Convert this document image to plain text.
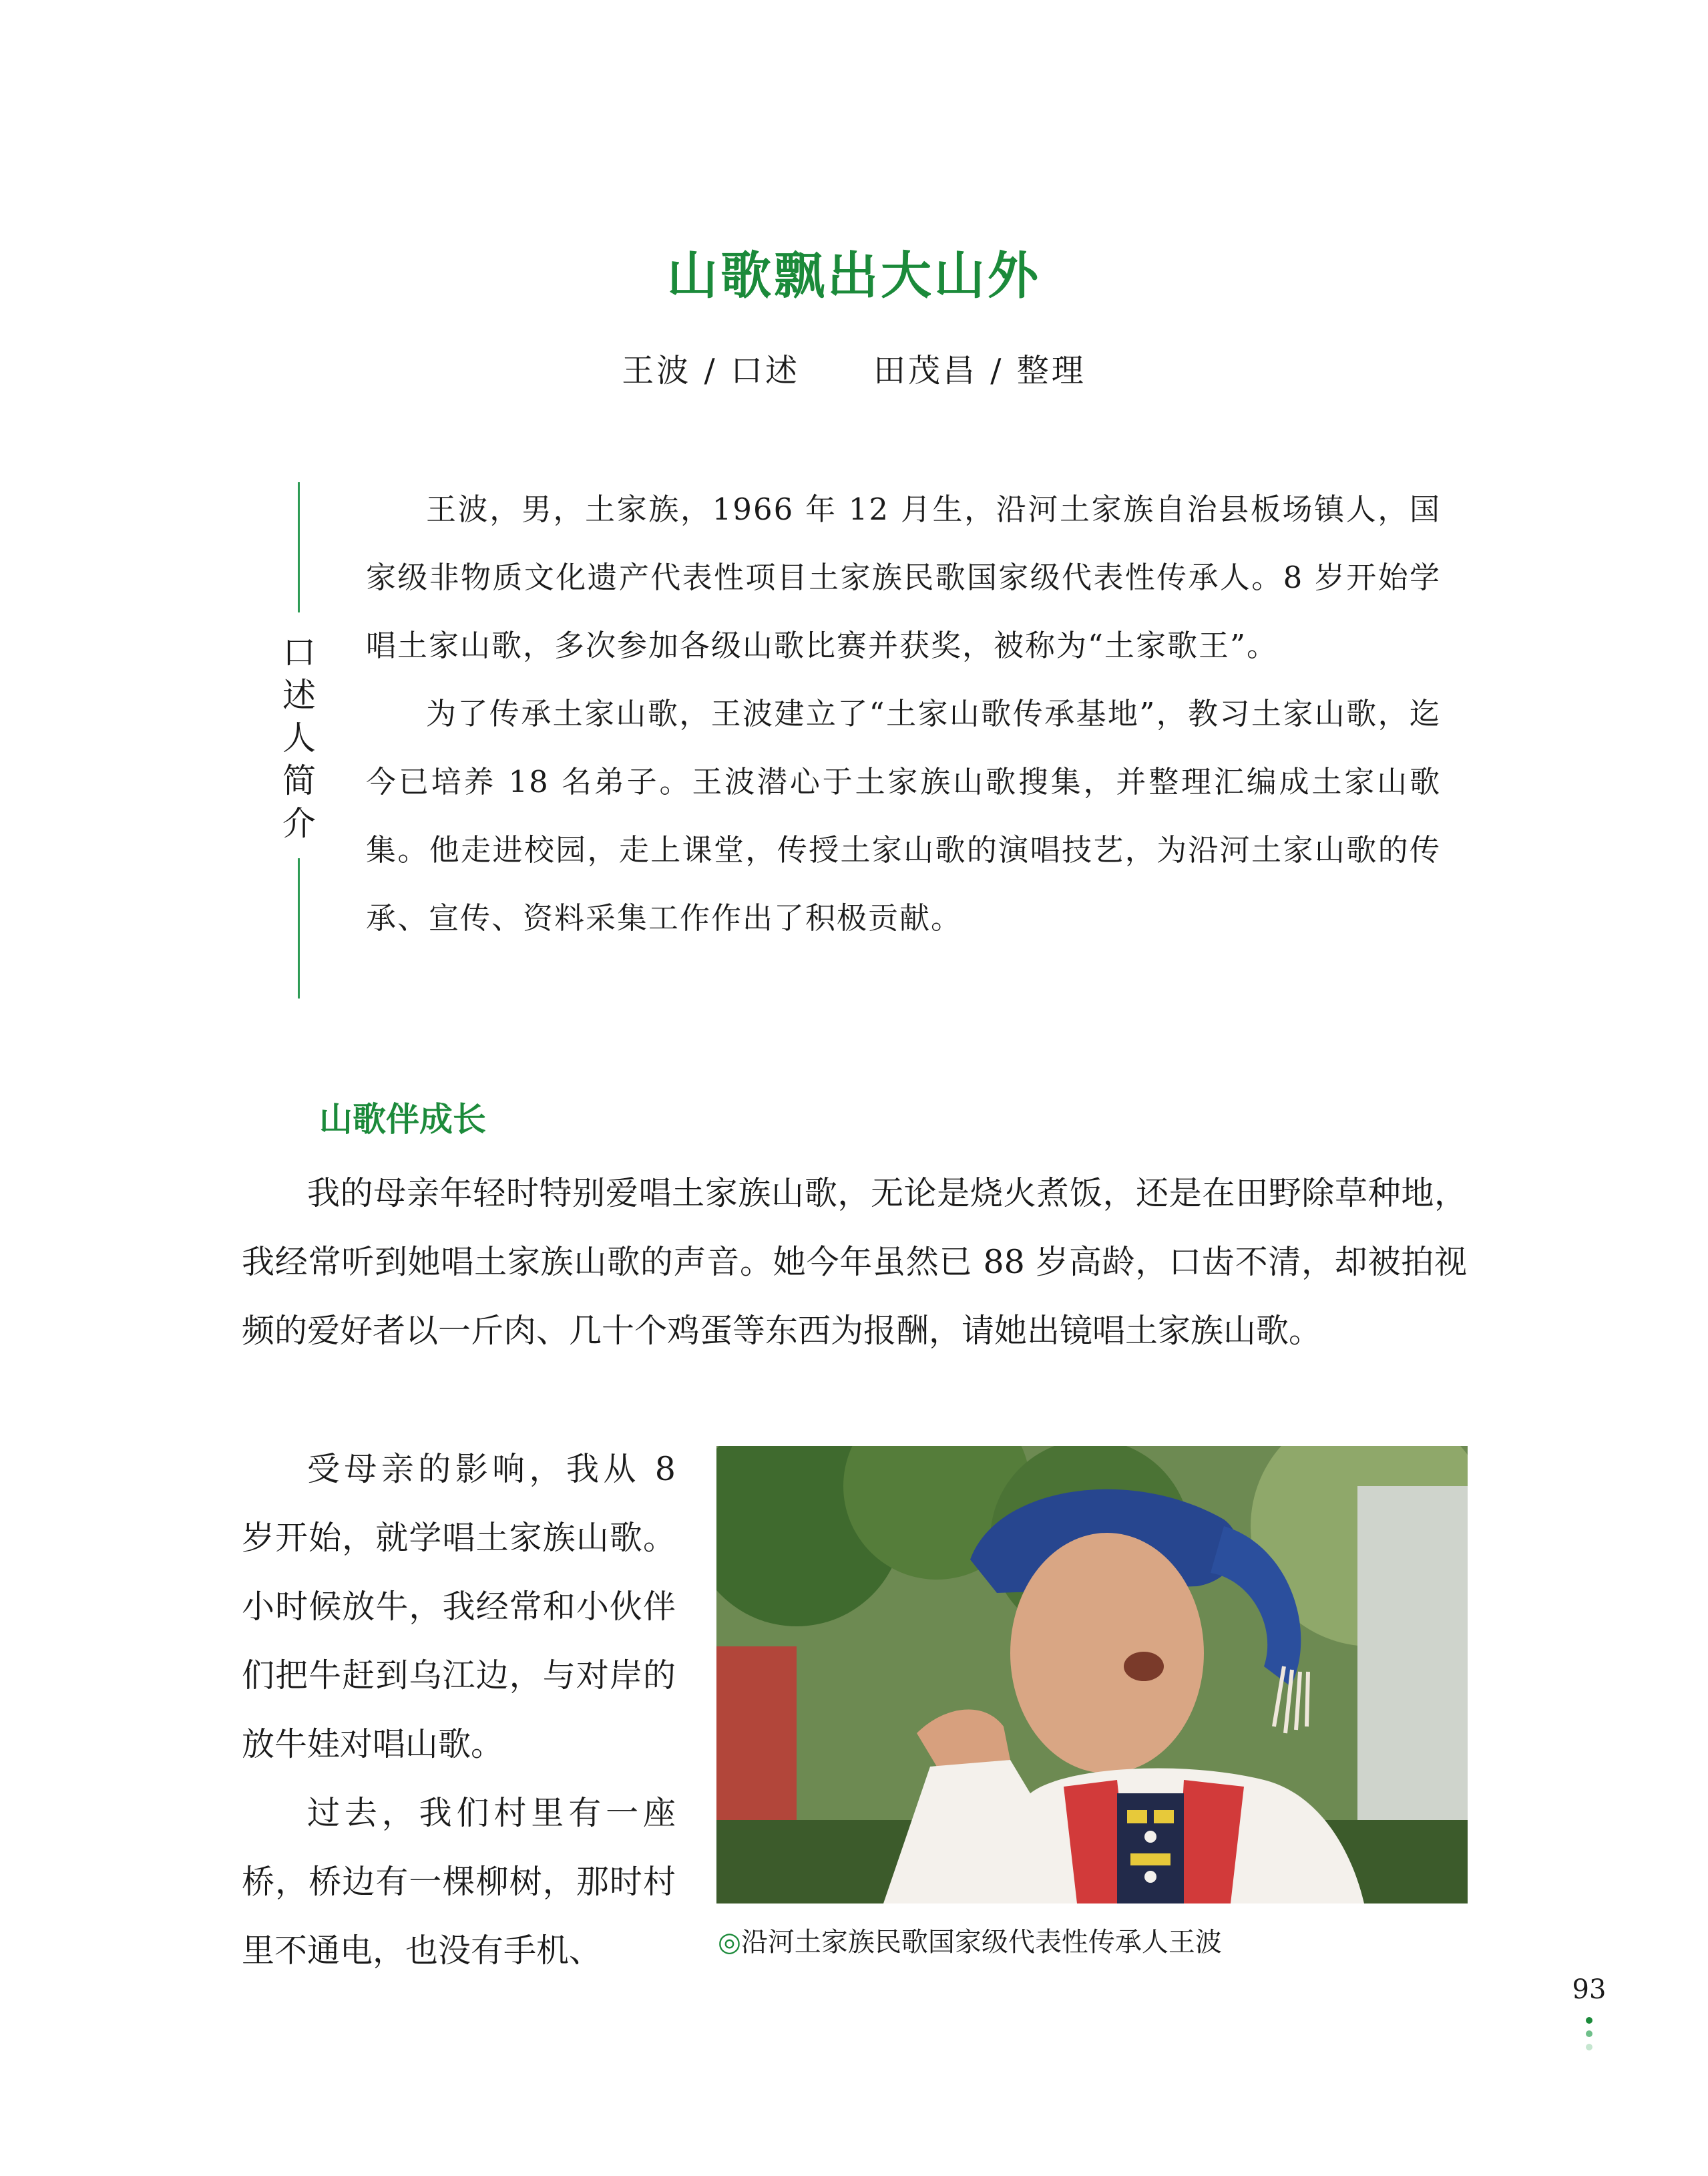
山歌飘出大山外
王波 / 口述 田茂昌 / 整理
口
述
人
简
介

王波，男，土家族，1966 年 12 月生，沿河土家族自治县板场镇人，国家级非物质文化遗产代表性项目土家族民歌国家级代表性传承人。8 岁开始学唱土家山歌，多次参加各级山歌比赛并获奖，被称为“土家歌王”。

为了传承土家山歌，王波建立了“土家山歌传承基地”，教习土家山歌，迄今已培养 18 名弟子。王波潜心于土家族山歌搜集，并整理汇编成土家山歌集。他走进校园，走上课堂，传授土家山歌的演唱技艺，为沿河土家山歌的传承、宣传、资料采集工作作出了积极贡献。

山歌伴成长

我的母亲年轻时特别爱唱土家族山歌，无论是烧火煮饭，还是在田野除草种地，我经常听到她唱土家族山歌的声音。她今年虽然已 88 岁高龄，口齿不清，却被拍视频的爱好者以一斤肉、几十个鸡蛋等东西为报酬，请她出镜唱土家族山歌。

受母亲的影响，我从 8 岁开始，就学唱土家族山歌。小时候放牛，我经常和小伙伴们把牛赶到乌江边，与对岸的放牛娃对唱山歌。

过去，我们村里有一座桥，桥边有一棵柳树，那时村里不通电，也没有手机、	◎沿河土家族民歌国家级代表性传承人王波
93
